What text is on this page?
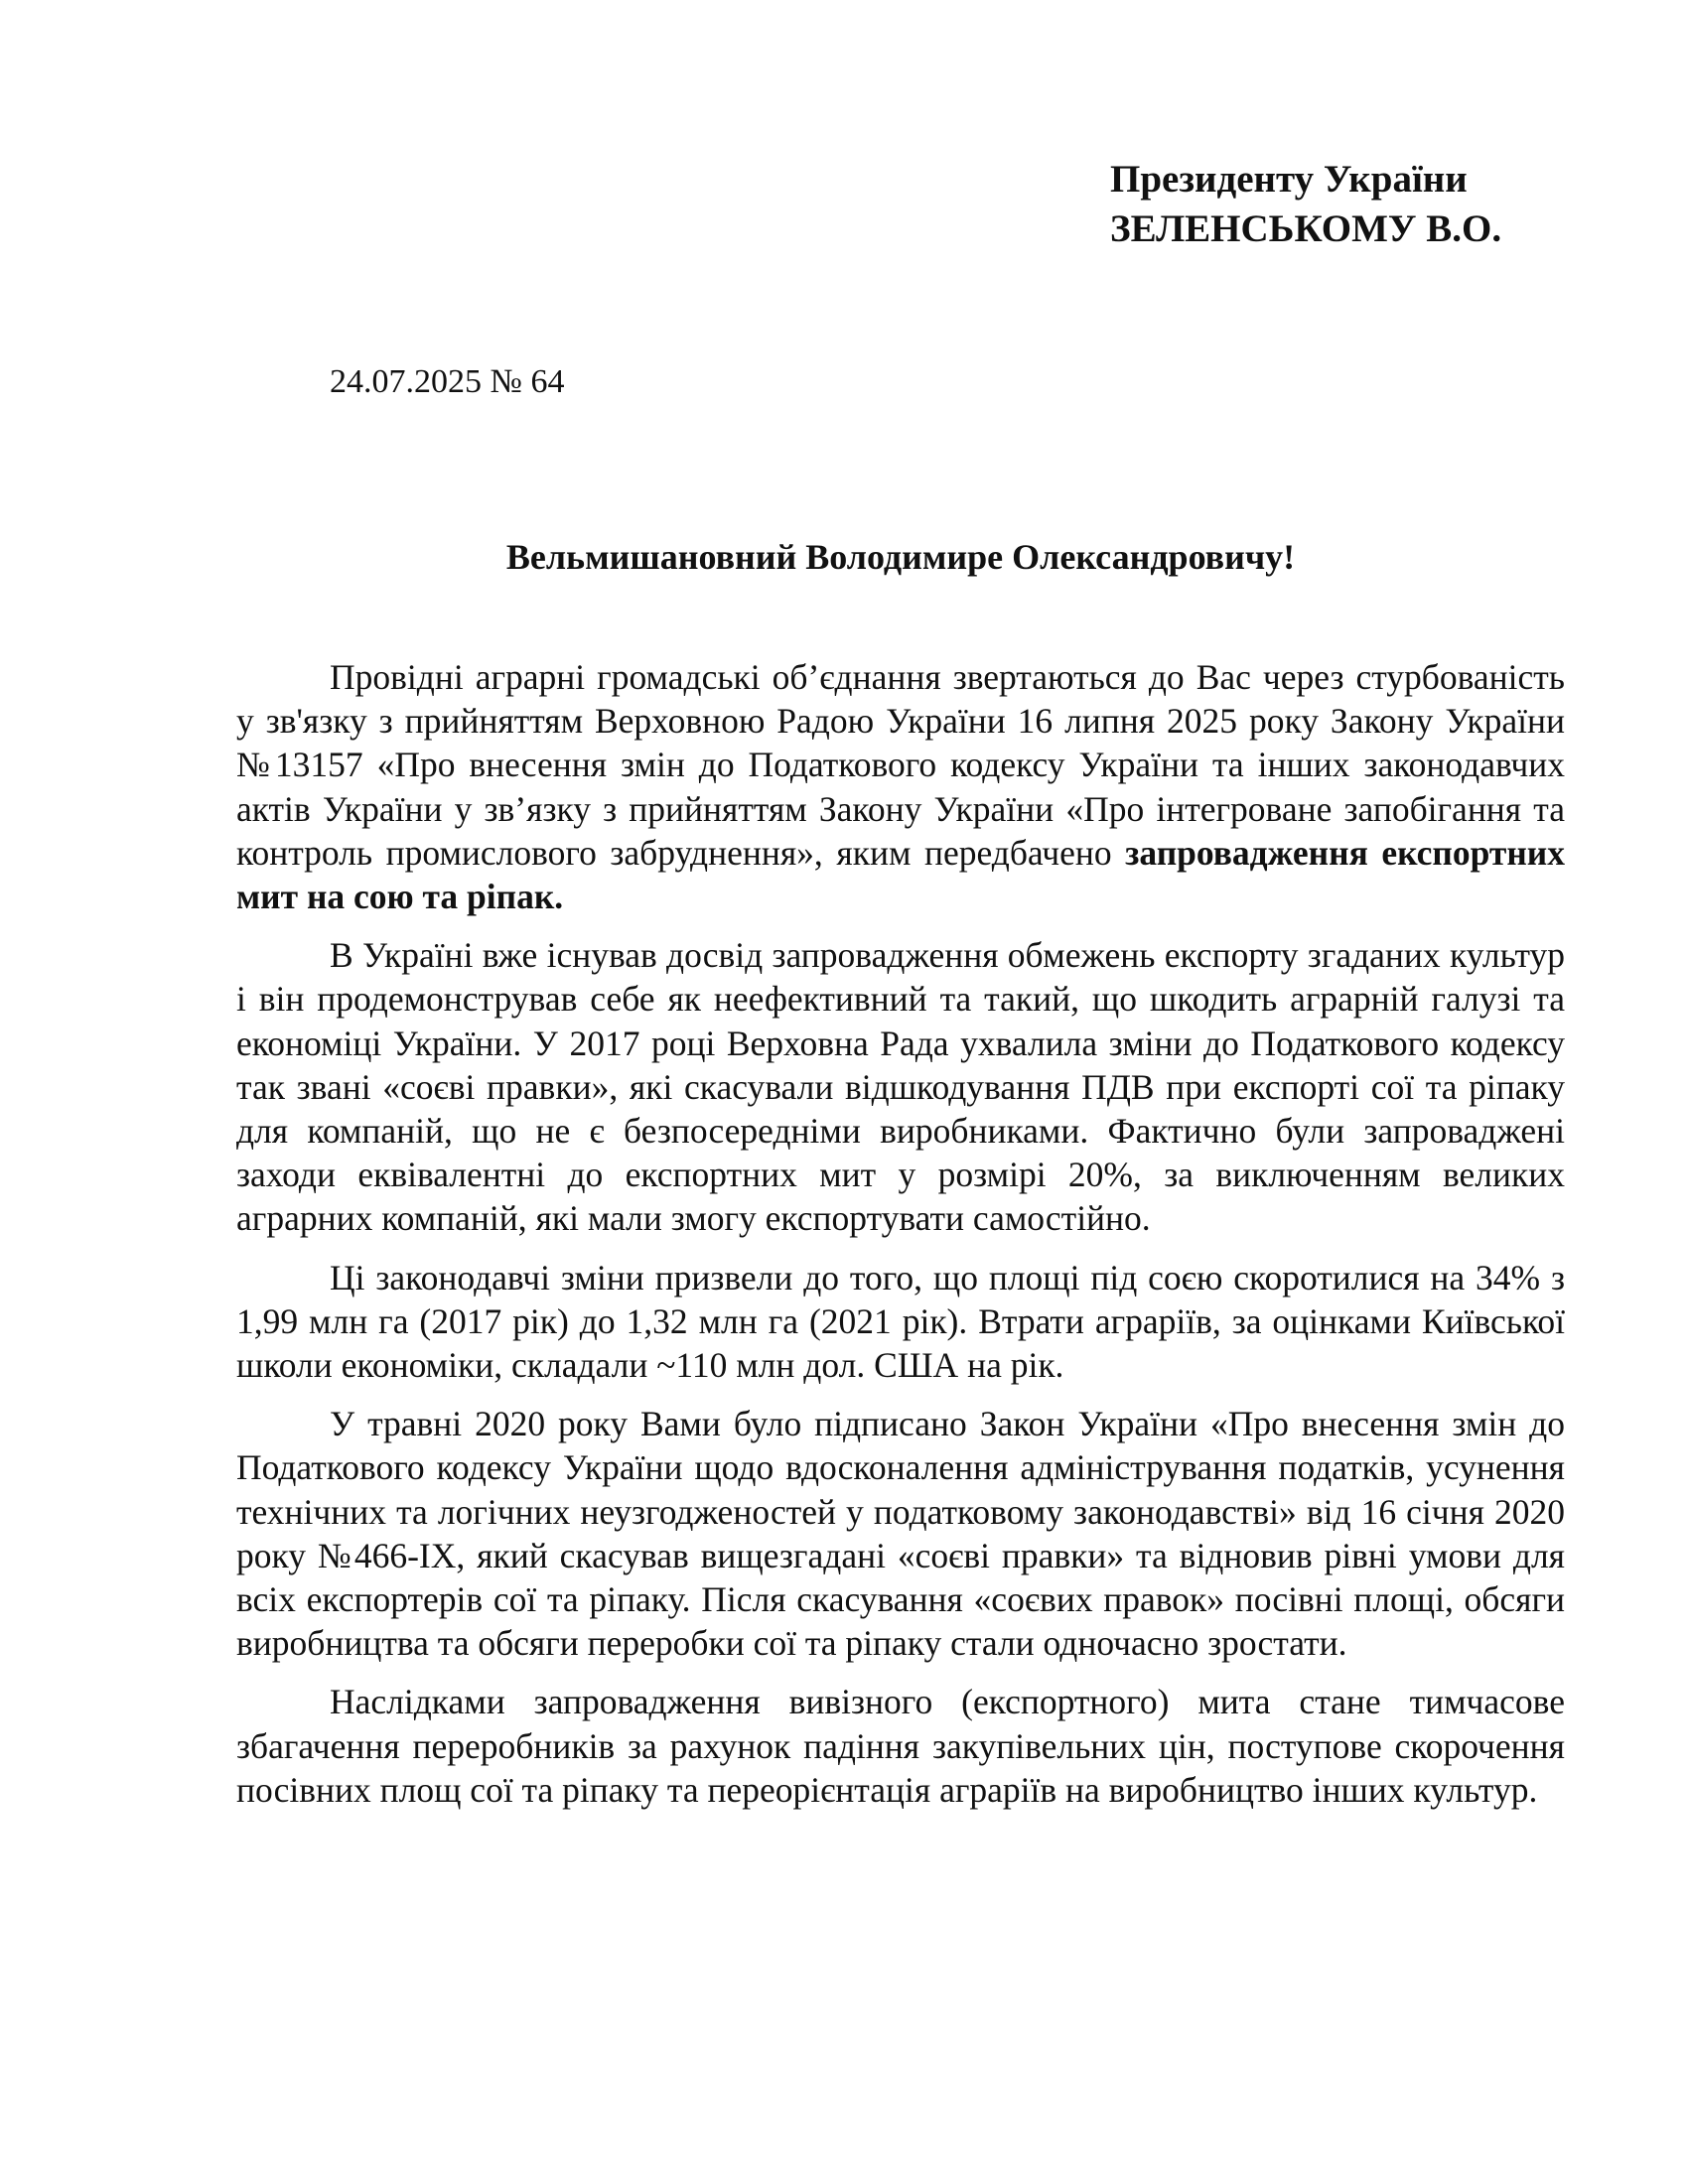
Президенту України
ЗЕЛЕНСЬКОМУ В.О.
24.07.2025 № 64
Вельмишановний Володимире Олександровичу!

Провідні аграрні громадські об’єднання звертаються до Вас через стурбованість у зв'язку з прийняттям Верховною Радою України 16 липня 2025 року Закону України №13157 «Про внесення змін до Податкового кодексу України та інших законодавчих актів України у зв’язку з прийняттям Закону України «Про інтегроване запобігання та контроль промислового забруднення», яким передбачено запровадження експортних мит на сою та ріпак.

В Україні вже існував досвід запровадження обмежень експорту згаданих культур і він продемонстрував себе як неефективний та такий, що шкодить аграрній галузі та економіці України. У 2017 році Верховна Рада ухвалила зміни до Податкового кодексу так звані «соєві правки», які скасували відшкодування ПДВ при експорті сої та ріпаку для компаній, що не є безпосередніми виробниками. Фактично були запроваджені заходи еквівалентні до експортних мит у розмірі 20%, за виключенням великих аграрних компаній, які мали змогу експортувати самостійно.

Ці законодавчі зміни призвели до того, що площі під соєю скоротилися на 34% з 1,99 млн га (2017 рік) до 1,32 млн га (2021 рік). Втрати аграріїв, за оцінками Київської школи економіки, складали ~110 млн дол. США на рік.

У травні 2020 року Вами було підписано Закон України «Про внесення змін до Податкового кодексу України щодо вдосконалення адміністрування податків, усунення технічних та логічних неузгодженостей у податковому законодавстві» від 16 січня 2020 року №466-IX, який скасував вищезгадані «соєві правки» та відновив рівні умови для всіх експортерів сої та ріпаку. Після скасування «соєвих правок» посівні площі, обсяги виробництва та обсяги переробки сої та ріпаку стали одночасно зростати.

Наслідками запровадження вивізного (експортного) мита стане тимчасове збагачення переробників за рахунок падіння закупівельних цін, поступове скорочення посівних площ сої та ріпаку та переорієнтація аграріїв на виробництво інших культур.
